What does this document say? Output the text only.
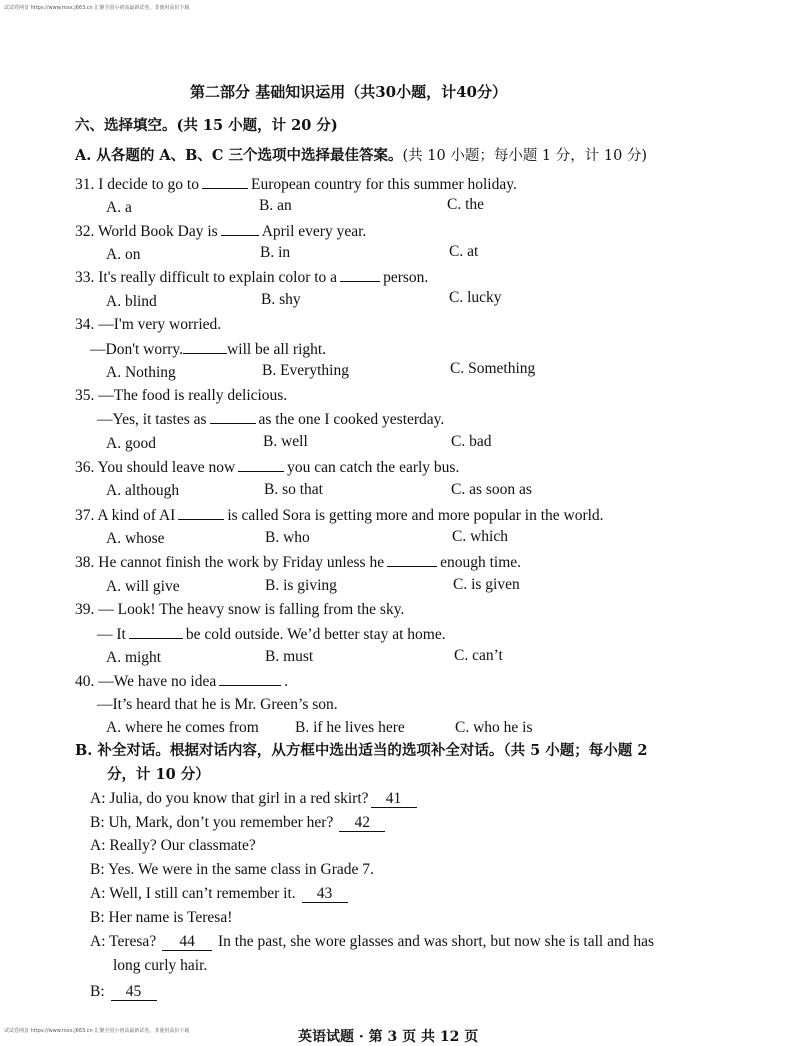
试试卷网首 https://www.mxx.j663.cn 汇聚全国小初高最新试卷，非使用高价下载
第二部分 基础知识运用（共30小题，计40分）
六、选择填空。(共 15 小题，计 20 分)
A. 从各题的 A、B、C 三个选项中选择最佳答案。(共 10 小题；每小题 1 分，计 10 分)
31. I decide to go to	European country for this summer holiday.
A. a	B. an	C. the
32. World Book Day is	April every year.
A. on	B. in	C. at
33. It's really difficult to explain color to a	person.
A. blind	B. shy	C. lucky
34. —I'm very worried.
—Don't worry.	will be all right.
A. Nothing	B. Everything	C. Something
35. —The food is really delicious.
—Yes, it tastes as	as the one I cooked yesterday.
A. good	B. well	C. bad
36. You should leave now	you can catch the early bus.
A. although	B. so that	C. as soon as
37. A kind of AI	is called Sora is getting more and more popular in the world.
A. whose	B. who	C. which
38. He cannot finish the work by Friday unless he	enough time.
A. will give	B. is giving	C. is given
39. — Look! The heavy snow is falling from the sky.
— It	be cold outside. We’d better stay at home.
A. might	B. must	C. can’t
40. —We have no idea	.
—It’s heard that he is Mr. Green’s son.
A. where he comes from B. if he lives here	C. who he is
B. 补全对话。根据对话内容，从方框中选出适当的选项补全对话。（共 5 小题；每小题 2
分，计 10 分）
A: Julia, do you know that girl in a red skirt? 41
B: Uh, Mark, don’t you remember her? 42
A: Really? Our classmate?
B: Yes. We were in the same class in Grade 7.
A: Well, I still can’t remember it. 43
B: Her name is Teresa!
A: Teresa? 44 In the past, she wore glasses and was short, but now she is tall and has
long curly hair.
B: 45
英语试题 · 第 3 页 共 12 页
试试卷网首 https://www.mxx.j663.cn 汇聚全国小初高最新试卷，非使用高价下载
